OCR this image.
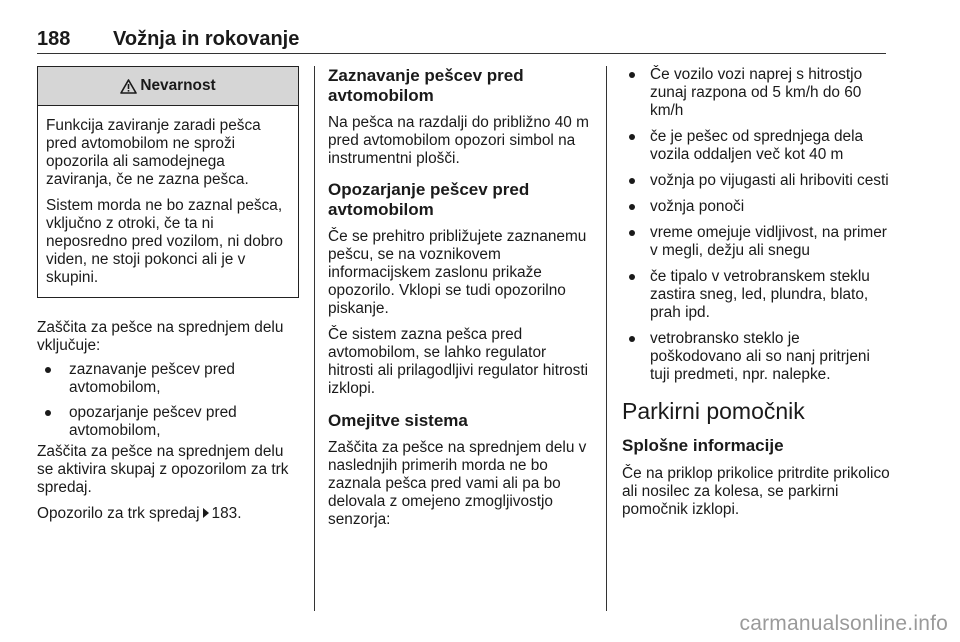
188 Vožnja in rokovanje
Nevarnost

Funkcija zaviranje zaradi pešca pred avtomobilom ne sproži opozorila ali samodejnega zaviranja, če ne zazna pešca.

Sistem morda ne bo zaznal pešca, vključno z otroki, če ta ni neposredno pred vozilom, ni dobro viden, ne stoji pokonci ali je v skupini.

Zaščita za pešce na sprednjem delu vključuje:

zaznavanje pešcev pred avtomobilom,
opozarjanje pešcev pred avtomobilom,

Zaščita za pešce na sprednjem delu se aktivira skupaj z opozorilom za trk spredaj.

Opozorilo za trk spredaj 183.

Zaznavanje pešcev pred avtomobilom

Na pešca na razdalji do približno 40 m pred avtomobilom opozori simbol na instrumentni plošči.

Opozarjanje pešcev pred avtomobilom

Če se prehitro približujete zaznanemu pešcu, se na voznikovem informacijskem zaslonu prikaže opozorilo. Vklopi se tudi opozorilno piskanje.

Če sistem zazna pešca pred avtomobilom, se lahko regulator hitrosti ali prilagodljivi regulator hitrosti izklopi.

Omejitve sistema

Zaščita za pešce na sprednjem delu v naslednjih primerih morda ne bo zaznala pešca pred vami ali pa bo delovala z omejeno zmogljivostjo senzorja:

Če vozilo vozi naprej s hitrostjo zunaj razpona od 5 km/h do 60 km/h
če je pešec od sprednjega dela vozila oddaljen več kot 40 m
vožnja po vijugasti ali hriboviti cesti
vožnja ponoči
vreme omejuje vidljivost, na primer v megli, dežju ali snegu
če tipalo v vetrobranskem steklu zastira sneg, led, plundra, blato, prah ipd.
vetrobransko steklo je poškodovano ali so nanj pritrjeni tuji predmeti, npr. nalepke.
Parkirni pomočnik
Splošne informacije

Če na priklop prikolice pritrdite prikolico ali nosilec za kolesa, se parkirni pomočnik izklopi.

carmanualsonline.info
